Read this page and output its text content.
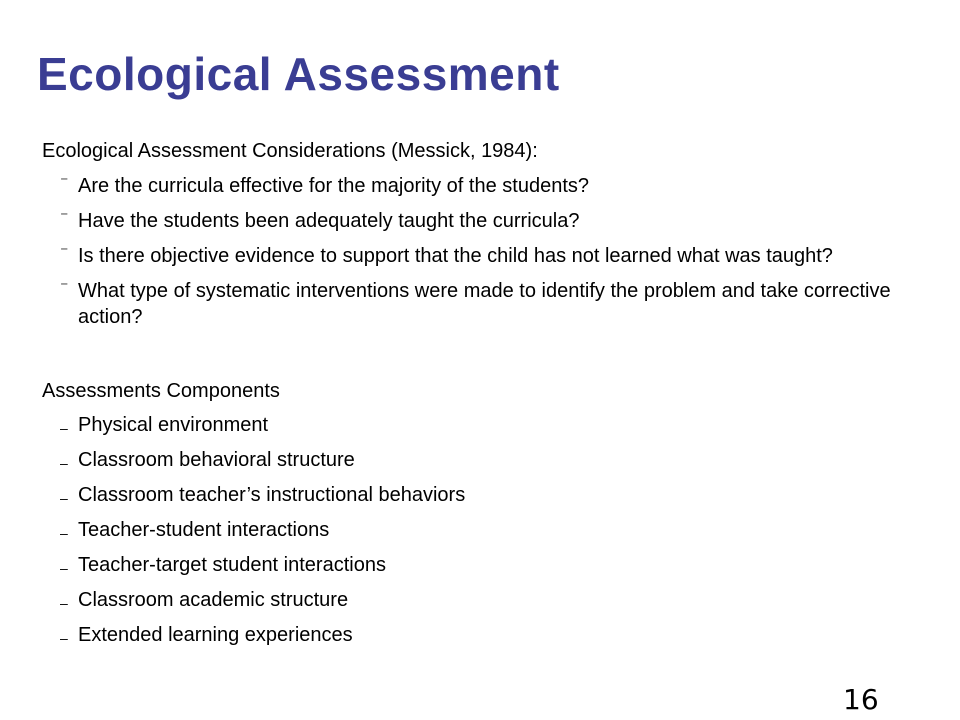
Ecological Assessment

Ecological Assessment Considerations (Messick, 1984):

⁻ Are the curricula effective for the majority of the students?
⁻ Have the students been adequately taught the curricula?
⁻ Is there objective evidence to support that the child has not learned what was taught?
⁻ What type of systematic interventions were made to identify the problem and take corrective action?

Assessments Components

– Physical environment
– Classroom behavioral structure
– Classroom teacher’s instructional behaviors
– Teacher-student interactions
– Teacher-target student interactions
– Classroom academic structure
– Extended learning experiences
16
